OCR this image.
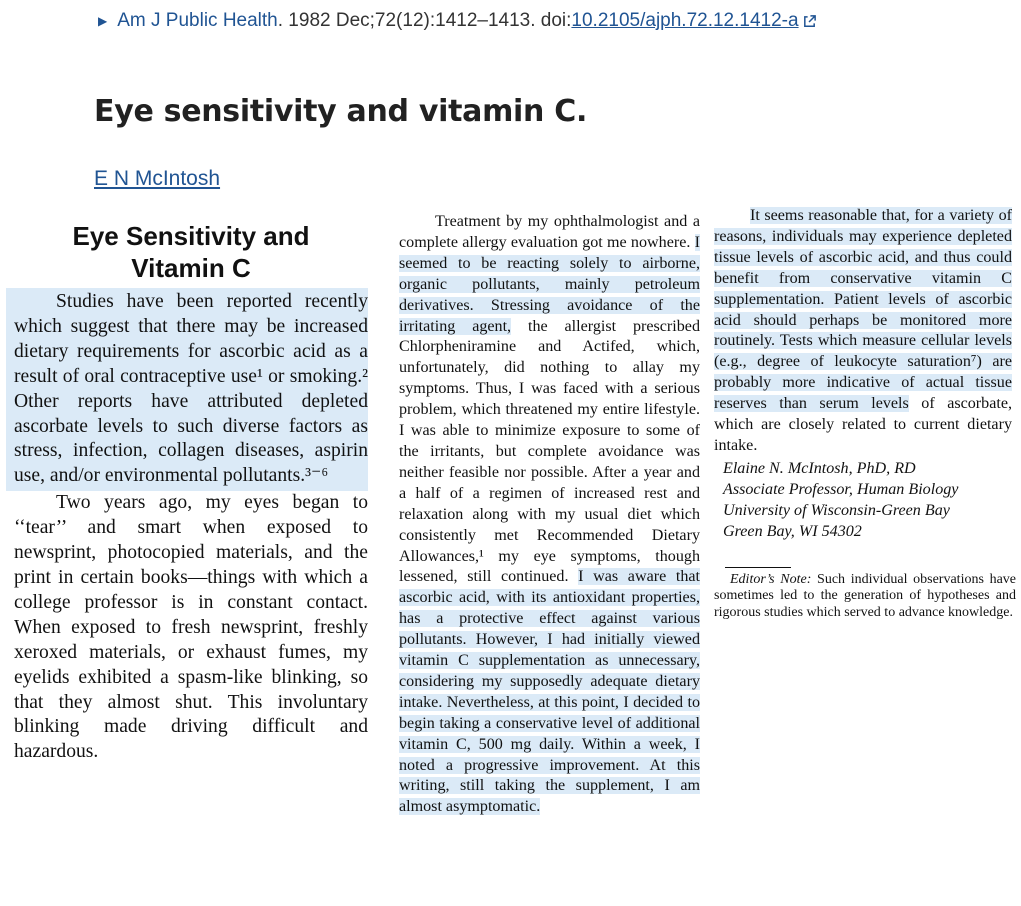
▶ Am J Public Health . 1982 Dec;72(12):1412–1413. doi: 10.2105/ajph.72.12.1412-a
Eye sensitivity and vitamin C.
E N McIntosh
Eye Sensitivity and Vitamin C

Studies have been reported recently which suggest that there may be increased dietary requirements for ascorbic acid as a result of oral contraceptive use¹ or smoking.² Other reports have attributed depleted ascorbate levels to such diverse factors as stress, infection, collagen diseases, aspirin use, and/or environmental pollutants.³⁻⁶

Two years ago, my eyes began to ‘‘tear’’ and smart when exposed to newsprint, photocopied materials, and the print in certain books—things with which a college professor is in constant contact. When exposed to fresh newsprint, freshly xeroxed materials, or exhaust fumes, my eyelids exhibited a spasm-like blinking, so that they almost shut. This involuntary blinking made driving difficult and hazardous.

Treatment by my ophthalmologist and a complete allergy evaluation got me nowhere. I seemed to be reacting solely to airborne, organic pollutants, mainly petroleum derivatives. Stressing avoidance of the irritating agent, the allergist prescribed Chlorpheniramine and Actifed, which, unfortunately, did nothing to allay my symptoms. Thus, I was faced with a serious problem, which threatened my entire lifestyle. I was able to minimize exposure to some of the irritants, but complete avoidance was neither feasible nor possible. After a year and a half of a regimen of increased rest and relaxation along with my usual diet which consistently met Recommended Dietary Allowances,¹ my eye symptoms, though lessened, still continued. I was aware that ascorbic acid, with its antioxidant properties, has a protective effect against various pollutants. However, I had initially viewed vitamin C supplementation as unnecessary, considering my supposedly adequate dietary intake. Nevertheless, at this point, I decided to begin taking a conservative level of additional vitamin C, 500 mg daily. Within a week, I noted a progressive improvement. At this writing, still taking the supplement, I am almost asymptomatic.

It seems reasonable that, for a variety of reasons, individuals may experience depleted tissue levels of ascorbic acid, and thus could benefit from conservative vitamin C supplementation. Patient levels of ascorbic acid should perhaps be monitored more routinely. Tests which measure cellular levels (e.g., degree of leukocyte saturation⁷) are probably more indicative of actual tissue reserves than serum levels of ascorbate, which are closely related to current dietary intake.

Elaine N. McIntosh, PhD, RD
Associate Professor, Human Biology
University of Wisconsin-Green Bay
Green Bay, WI 54302

Editor’s Note: Such individual observations have sometimes led to the generation of hypotheses and rigorous studies which served to advance knowledge.
